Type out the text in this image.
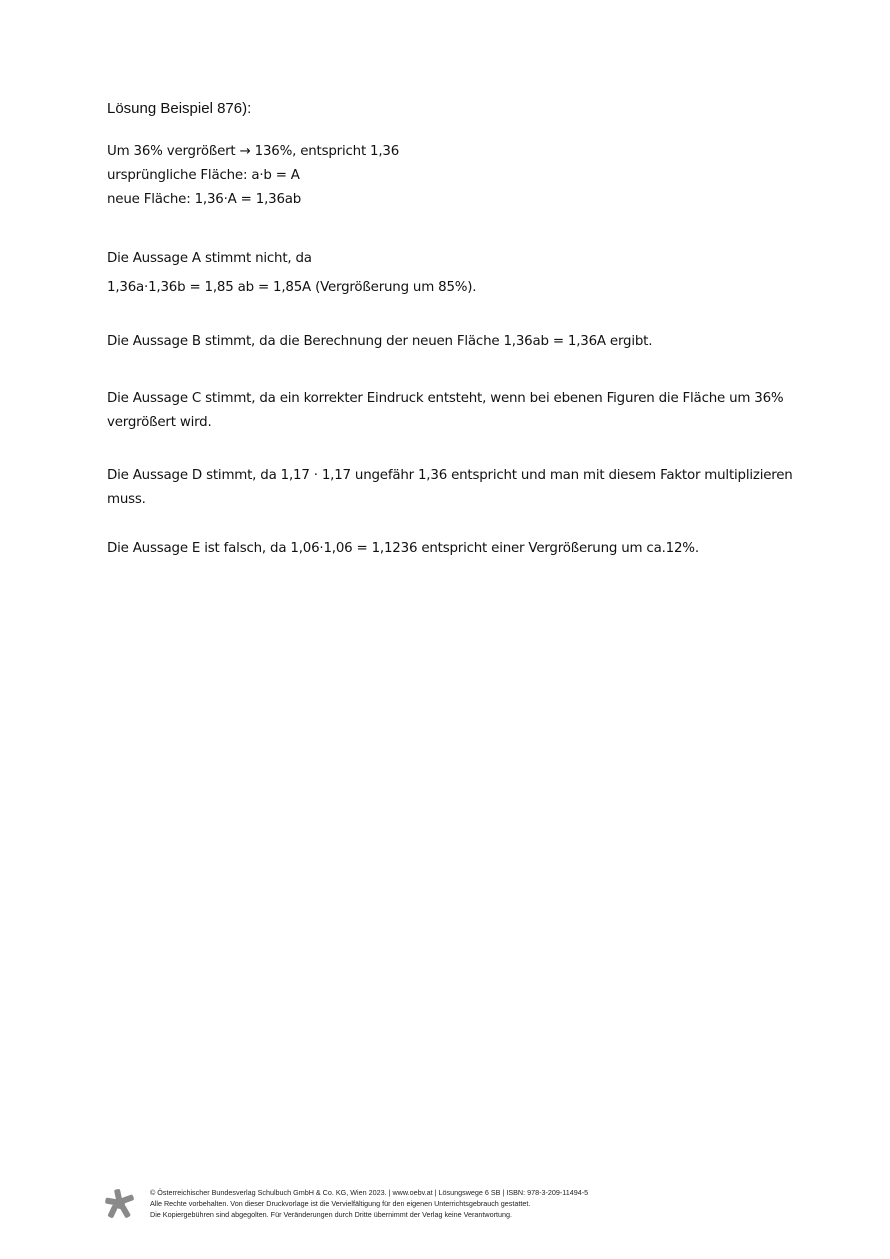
Lösung Beispiel 876):

Um 36% vergrößert → 136%, entspricht 1,36

ursprüngliche Fläche: a·b = A

neue Fläche: 1,36·A = 1,36ab

Die Aussage A stimmt nicht, da

1,36a·1,36b = 1,85 ab = 1,85A (Vergrößerung um 85%).

Die Aussage B stimmt, da die Berechnung der neuen Fläche 1,36ab = 1,36A ergibt.

Die Aussage C stimmt, da ein korrekter Eindruck entsteht, wenn bei ebenen Figuren die Fläche um 36%

vergrößert wird.

Die Aussage D stimmt, da 1,17 · 1,17 ungefähr 1,36 entspricht und man mit diesem Faktor multiplizieren

muss.

Die Aussage E ist falsch, da 1,06·1,06 = 1,1236 entspricht einer Vergrößerung um ca.12%.

© Österreichischer Bundesverlag Schulbuch GmbH & Co. KG, Wien 2023. | www.oebv.at | Lösungswege 6 SB | ISBN: 978-3-209-11494-5
Alle Rechte vorbehalten. Von dieser Druckvorlage ist die Vervielfältigung für den eigenen Unterrichtsgebrauch gestattet.
Die Kopiergebühren sind abgegolten. Für Veränderungen durch Dritte übernimmt der Verlag keine Verantwortung.
